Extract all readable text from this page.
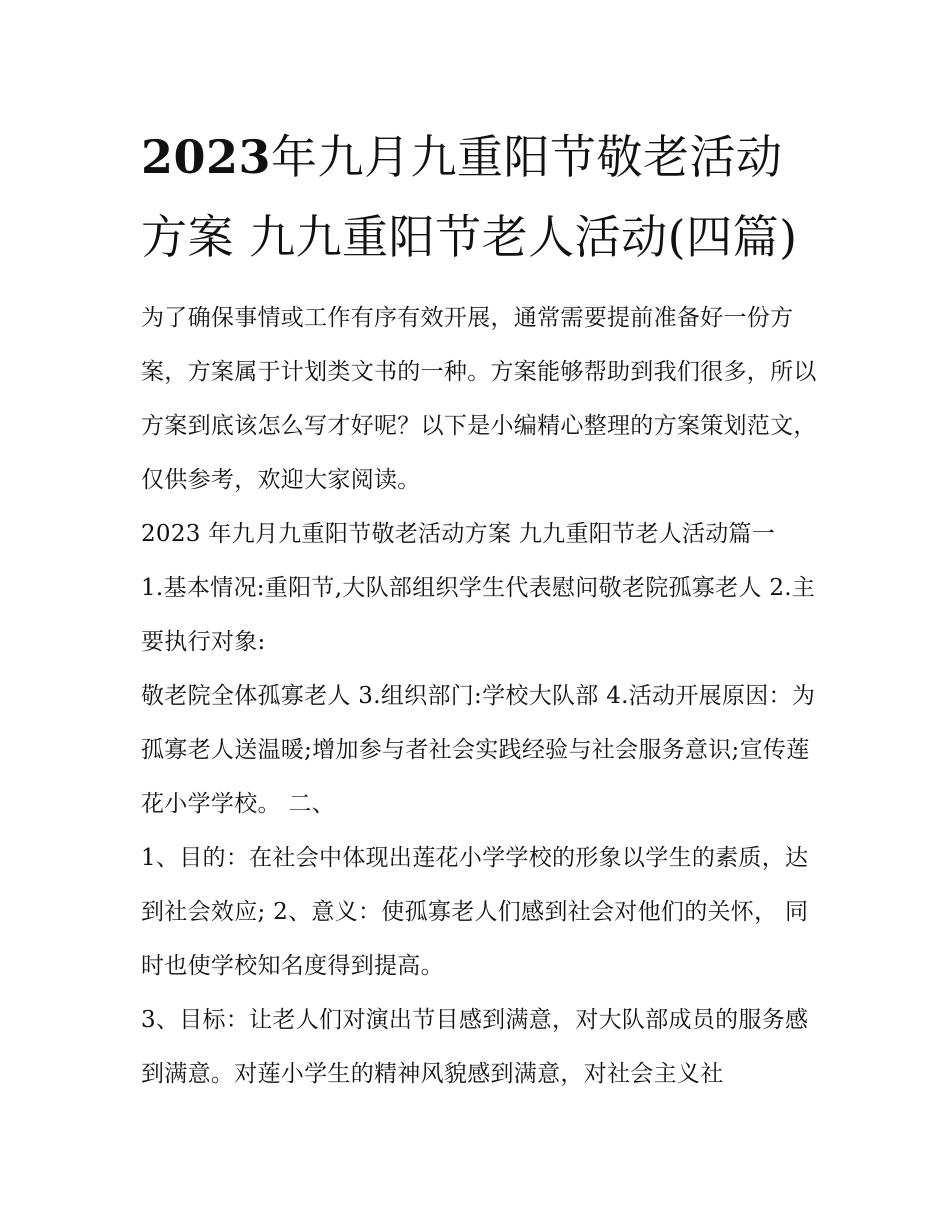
2023年九月九重阳节敬老活动方案 九九重阳节老人活动(四篇)

为了确保事情或工作有序有效开展，通常需要提前准备好一份方案，方案属于计划类文书的一种。方案能够帮助到我们很多，所以方案到底该怎么写才好呢？以下是小编精心整理的方案策划范文，仅供参考，欢迎大家阅读。

2023 年九月九重阳节敬老活动方案 九九重阳节老人活动篇一

1.基本情况:重阳节,大队部组织学生代表慰问敬老院孤寡老人 2.主要执行对象:

敬老院全体孤寡老人 3.组织部门:学校大队部 4.活动开展原因：为孤寡老人送温暖;增加参与者社会实践经验与社会服务意识;宣传莲花小学学校。 二、

1、目的：在社会中体现出莲花小学学校的形象以学生的素质，达到社会效应; 2、意义：使孤寡老人们感到社会对他们的关怀， 同时也使学校知名度得到提高。

3、目标：让老人们对演出节目感到满意，对大队部成员的服务感到满意。对莲小学生的精神风貌感到满意，对社会主义社
